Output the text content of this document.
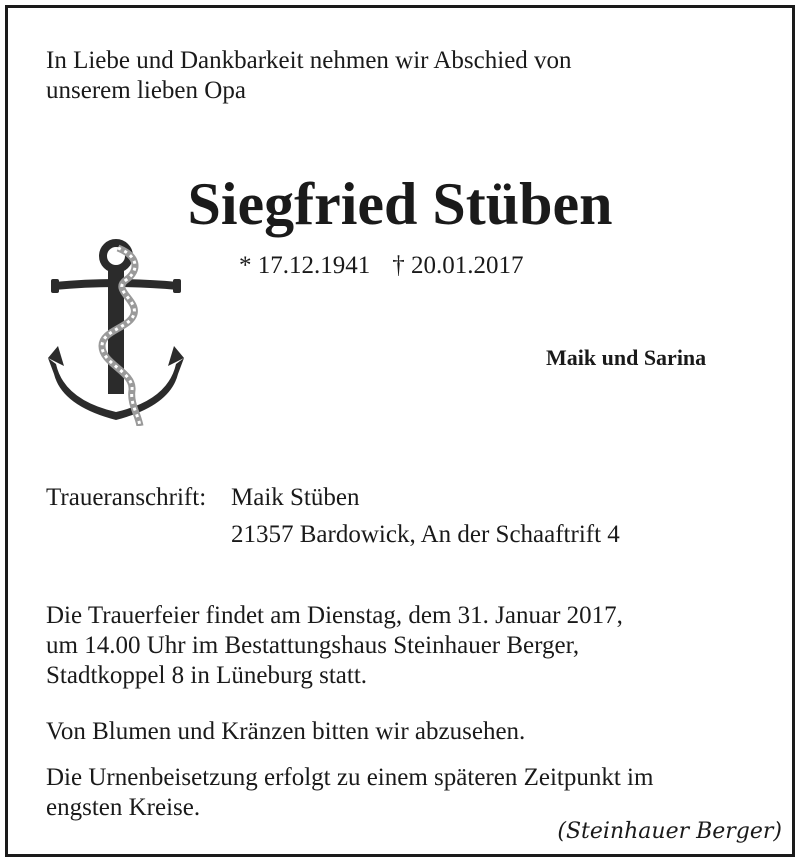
In Liebe und Dankbarkeit nehmen wir Abschied von
unserem lieben Opa
Siegfried Stüben
* 17.12.1941 † 20.01.2017
Maik und Sarina
Traueranschrift: Maik Stüben
21357 Bardowick, An der Schaaftrift 4
Die Trauerfeier findet am Dienstag, dem 31. Januar 2017,
um 14.00 Uhr im Bestattungshaus Steinhauer Berger,
Stadtkoppel 8 in Lüneburg statt.
Von Blumen und Kränzen bitten wir abzusehen.
Die Urnenbeisetzung erfolgt zu einem späteren Zeitpunkt im
engsten Kreise.
(Steinhauer Berger)
